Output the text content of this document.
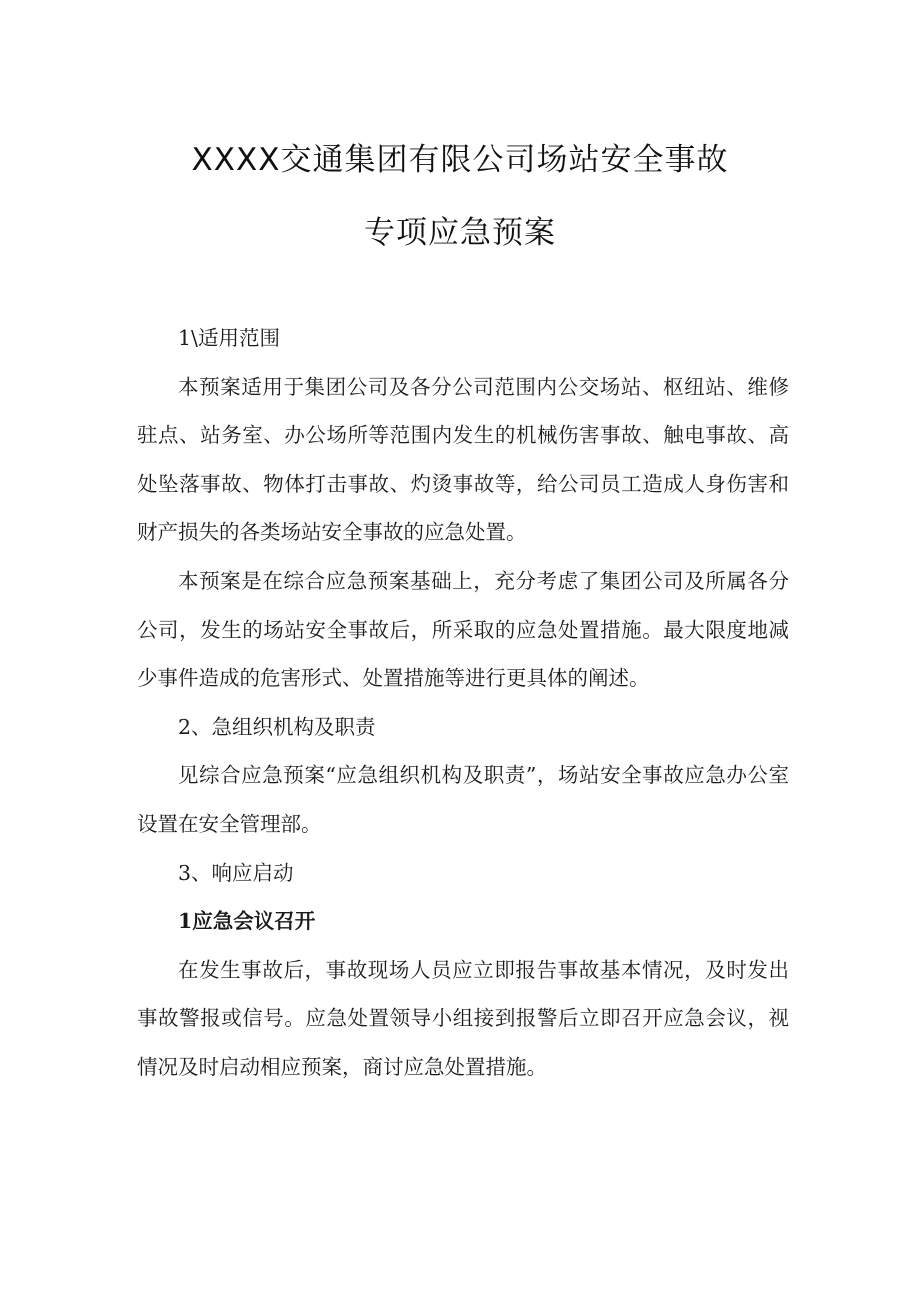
XXXX交通集团有限公司场站安全事故
专项应急预案

1\适用范围

本预案适用于集团公司及各分公司范围内公交场站、枢纽站、维修驻点、站务室、办公场所等范围内发生的机械伤害事故、触电事故、高处坠落事故、物体打击事故、灼烫事故等，给公司员工造成人身伤害和财产损失的各类场站安全事故的应急处置。

本预案是在综合应急预案基础上，充分考虑了集团公司及所属各分公司，发生的场站安全事故后，所采取的应急处置措施。最大限度地减少事件造成的危害形式、处置措施等进行更具体的阐述。

2、急组织机构及职责

见综合应急预案“应急组织机构及职责”，场站安全事故应急办公室设置在安全管理部。

3、响应启动

1应急会议召开

在发生事故后，事故现场人员应立即报告事故基本情况，及时发出事故警报或信号。应急处置领导小组接到报警后立即召开应急会议，视情况及时启动相应预案，商讨应急处置措施。
